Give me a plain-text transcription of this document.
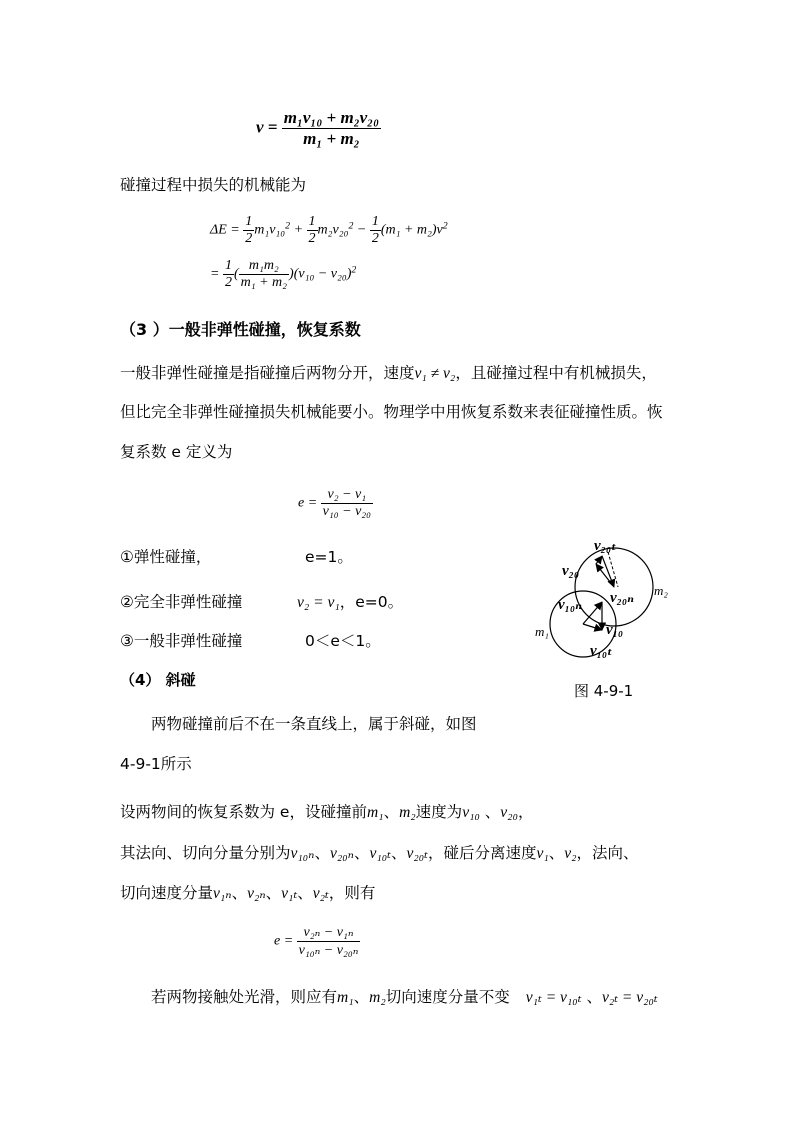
$v = \frac{\text{m₁v₁₀ + m₂v₂₀}}{\text{m₁ + m₂}}$
碰撞过程中损失的机械能为
$\Delta E = \frac{1}{2} m_1v_{10}^2 + \frac{1}{2} m_2v_{20}^2 - \frac{1}{2} (m_1 + m_2)v^2$
= $\frac{1}{2}$ ( $\frac{\text{m₁m₂}}{\text{m₁ + m₂}} )(v_{10} - v_{20})^2$
（3 ）一般非弹性碰撞，恢复系数
一般非弹性碰撞是指碰撞后两物分开，速度v₁ ≠ v₂，且碰撞过程中有机械损失，
但比完全非弹性碰撞损失机械能要小。物理学中用恢复系数来表征碰撞性质。恢
复系数 e 定义为
$e = \frac{\text{v₂ − v₁}}{\text{v₁₀ − v₂₀}}$
①弹性碰撞，	e=1。
②完全非弹性碰撞	v₂ = v₁，e=0。
③一般非弹性碰撞	0＜e＜1。
（4） 斜碰
v₂₀ₜ
v₂₀
v₂₀ₙ m₂
v₁₀ₙ
v₁₀
m₁
v₁₀ₜ
图 4-9-1
两物碰撞前后不在一条直线上，属于斜碰，如图
4-9-1所示
设两物间的恢复系数为 e，设碰撞前m₁、m₂速度为v₁₀ 、v₂₀，
其法向、切向分量分别为v₁₀ₙ、v₂₀ₙ、v₁₀ₜ、v₂₀ₜ，碰后分离速度v₁、v₂，法向、
切向速度分量v₁ₙ、v₂ₙ、v₁ₜ、v₂ₜ，则有
$e = \frac{\text{v₂ₙ − v₁ₙ}}{\text{v₁₀ₙ − v₂₀ₙ}}$
若两物接触处光滑，则应有m₁、m₂切向速度分量不变 v₁ₜ = v₁₀ₜ 、v₂ₜ = v₂₀ₜ
